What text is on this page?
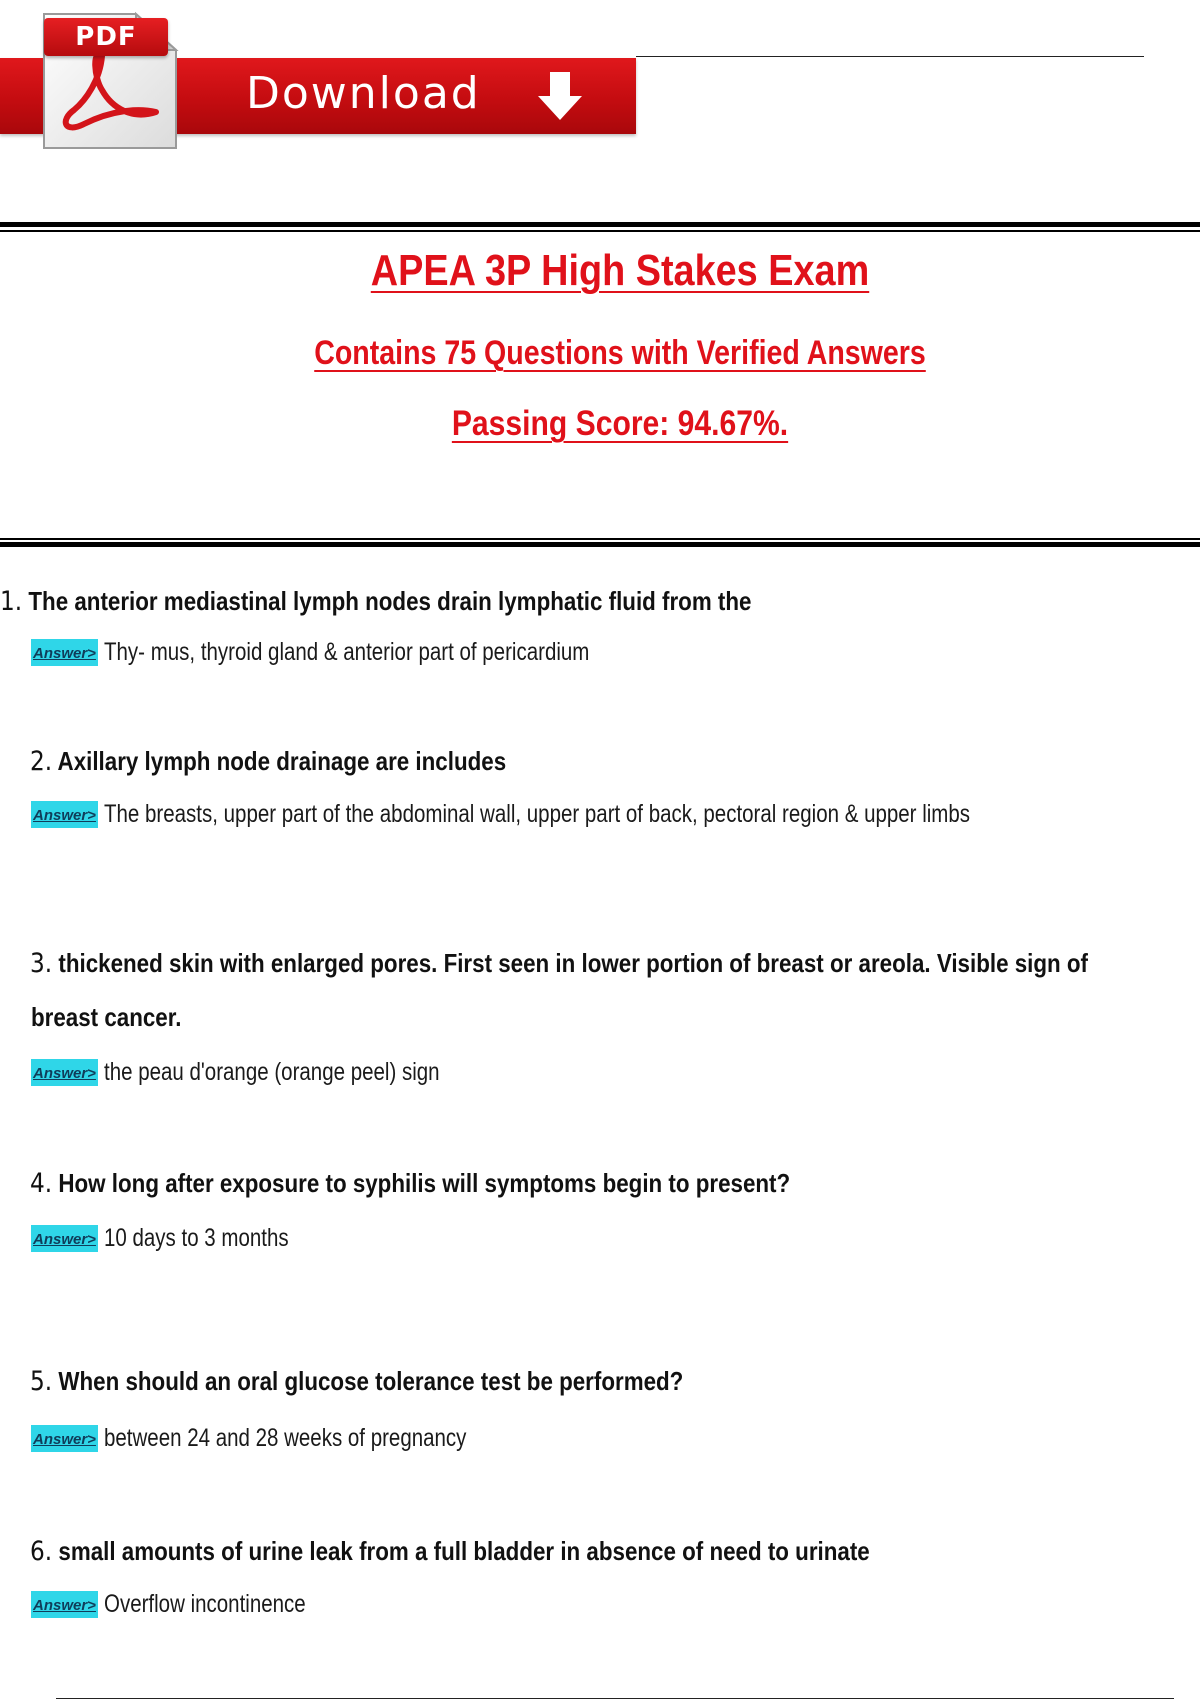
Download
PDF
APEA 3P High Stakes Exam
Contains 75 Questions with Verified Answers
Passing Score: 94.67%.
1. The anterior mediastinal lymph nodes drain lymphatic fluid from the
Answer> Thy- mus, thyroid gland & anterior part of pericardium
2. Axillary lymph node drainage are includes
Answer> The breasts, upper part of the abdominal wall, upper part of back, pectoral region & upper limbs
3. thickened skin with enlarged pores. First seen in lower portion of breast or areola. Visible sign of
breast cancer.
Answer> the peau d'orange (orange peel) sign
4. How long after exposure to syphilis will symptoms begin to present?
Answer> 10 days to 3 months
5. When should an oral glucose tolerance test be performed?
Answer> between 24 and 28 weeks of pregnancy
6. small amounts of urine leak from a full bladder in absence of need to urinate
Answer> Overflow incontinence
